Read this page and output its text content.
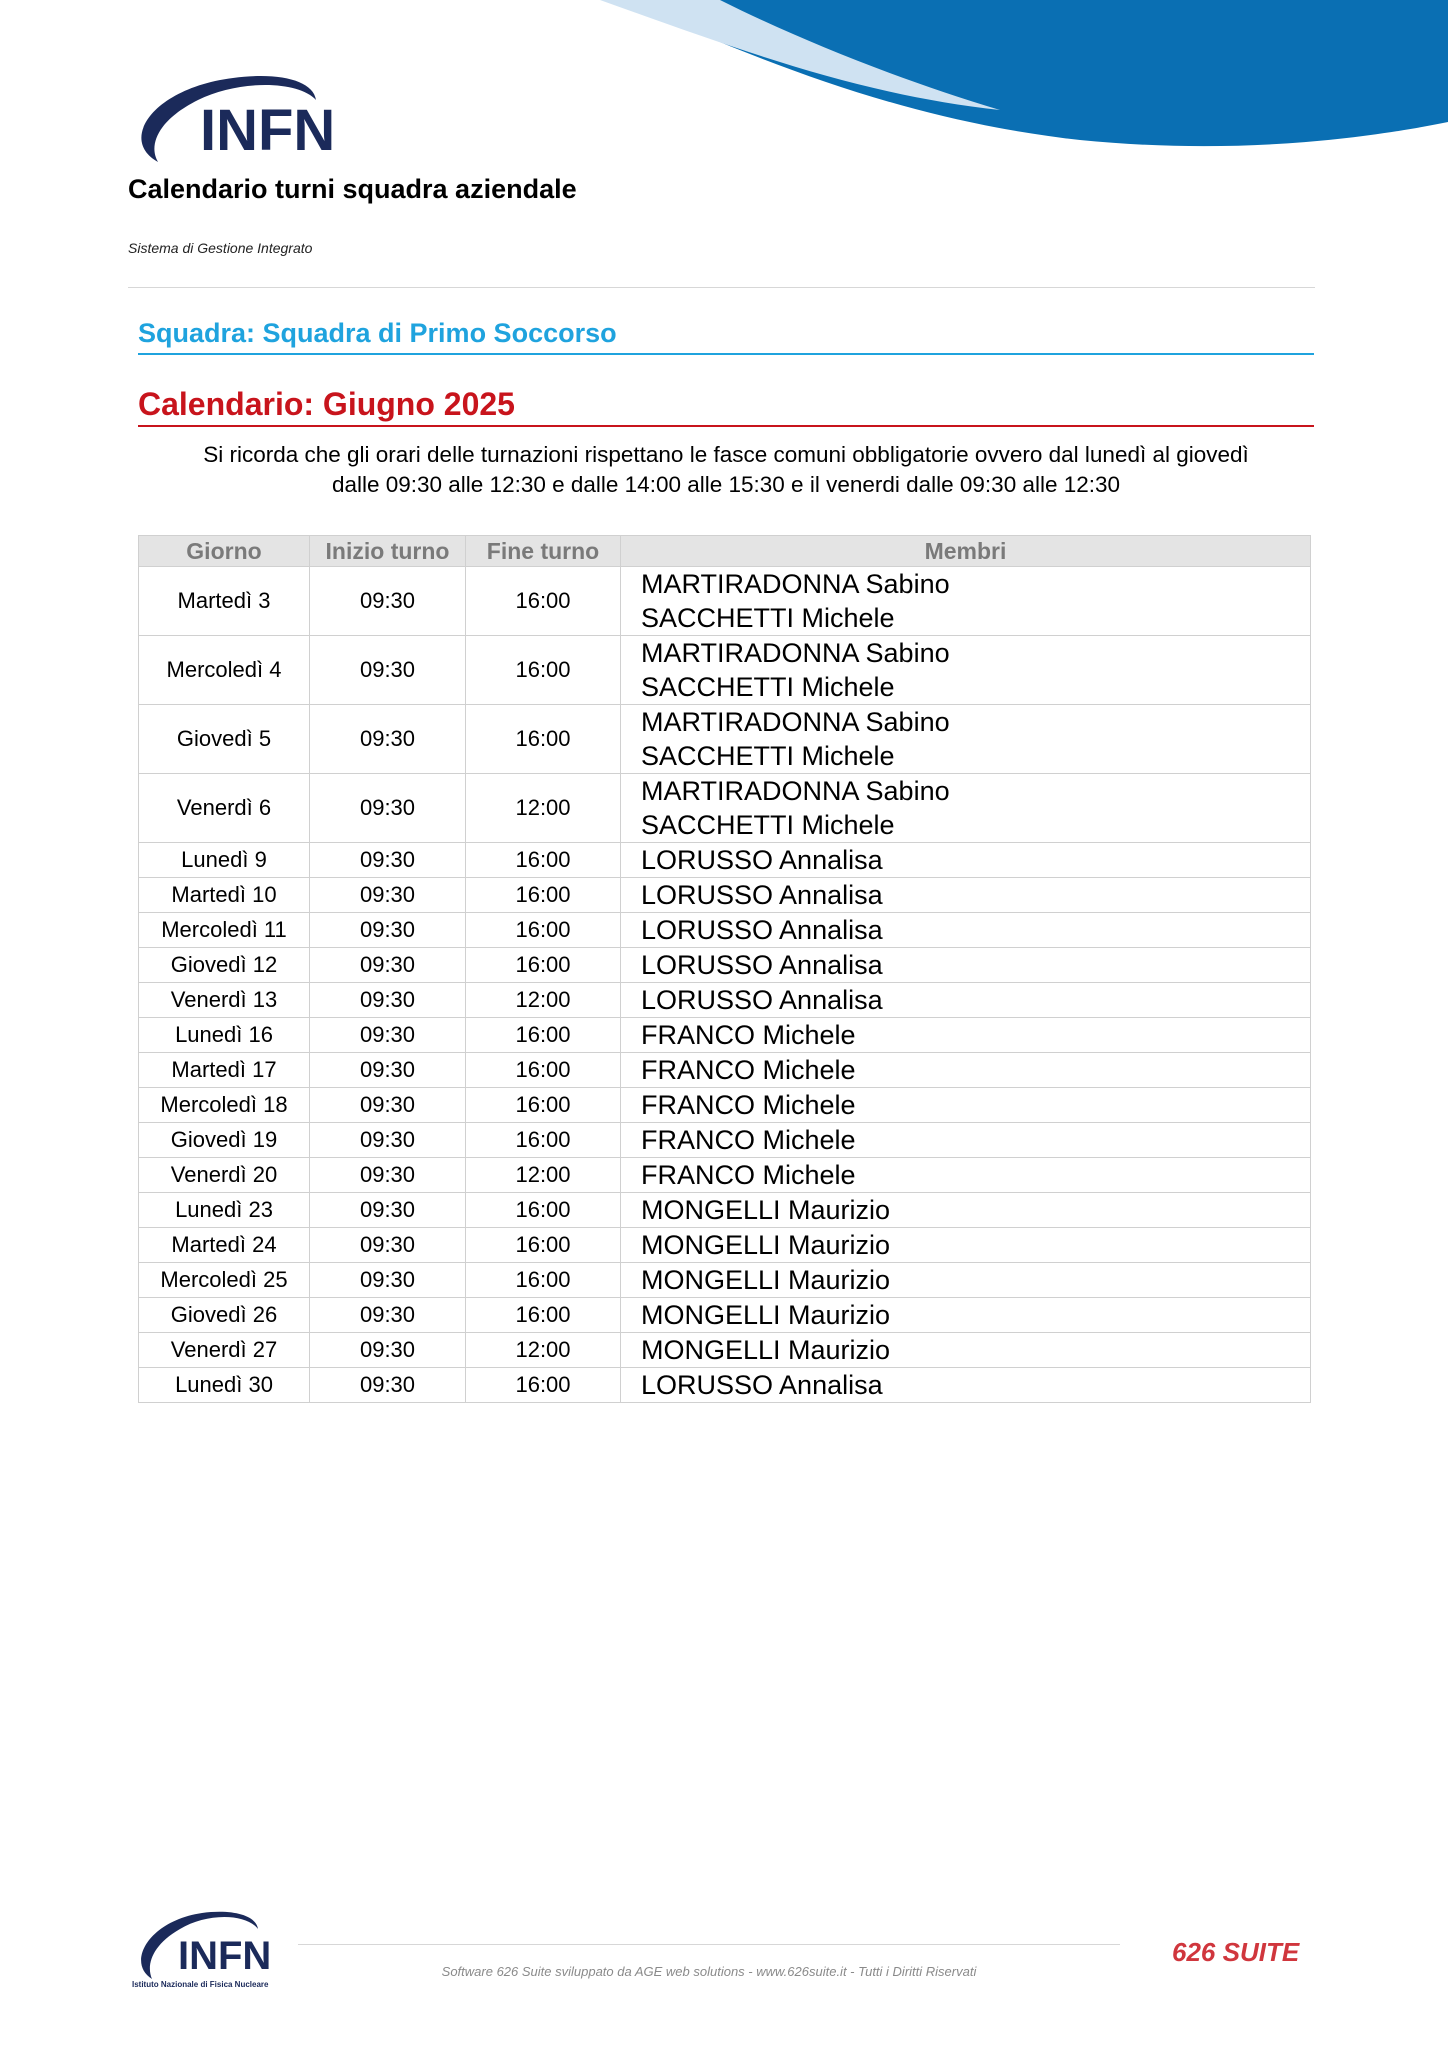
INFN
Calendario turni squadra aziendale
Sistema di Gestione Integrato
Squadra: Squadra di Primo Soccorso
Calendario: Giugno 2025
Si ricorda che gli orari delle turnazioni rispettano le fasce comuni obbligatorie ovvero dal lunedì al giovedì
dalle 09:30 alle 12:30 e dalle 14:00 alle 15:30 e il venerdi dalle 09:30 alle 12:30
Giorno	Inizio turno	Fine turno	Membri
Martedì 3	09:30	16:00	MARTIRADONNA Sabino
SACCHETTI Michele

Mercoledì 4	09:30	16:00	MARTIRADONNA Sabino
SACCHETTI Michele

Giovedì 5	09:30	16:00	MARTIRADONNA Sabino
SACCHETTI Michele

Venerdì 6	09:30	12:00	MARTIRADONNA Sabino
SACCHETTI Michele

Lunedì 9	09:30	16:00	LORUSSO Annalisa

Martedì 10	09:30	16:00	LORUSSO Annalisa

Mercoledì 11	09:30	16:00	LORUSSO Annalisa

Giovedì 12	09:30	16:00	LORUSSO Annalisa

Venerdì 13	09:30	12:00	LORUSSO Annalisa

Lunedì 16	09:30	16:00	FRANCO Michele

Martedì 17	09:30	16:00	FRANCO Michele

Mercoledì 18	09:30	16:00	FRANCO Michele

Giovedì 19	09:30	16:00	FRANCO Michele

Venerdì 20	09:30	12:00	FRANCO Michele

Lunedì 23	09:30	16:00	MONGELLI Maurizio

Martedì 24	09:30	16:00	MONGELLI Maurizio

Mercoledì 25	09:30	16:00	MONGELLI Maurizio

Giovedì 26	09:30	16:00	MONGELLI Maurizio

Venerdì 27	09:30	12:00	MONGELLI Maurizio

Lunedì 30	09:30	16:00	LORUSSO Annalisa
INFN
Istituto Nazionale di Fisica Nucleare
Software 626 Suite sviluppato da AGE web solutions - www.626suite.it - Tutti i Diritti Riservati
626 SUITE
